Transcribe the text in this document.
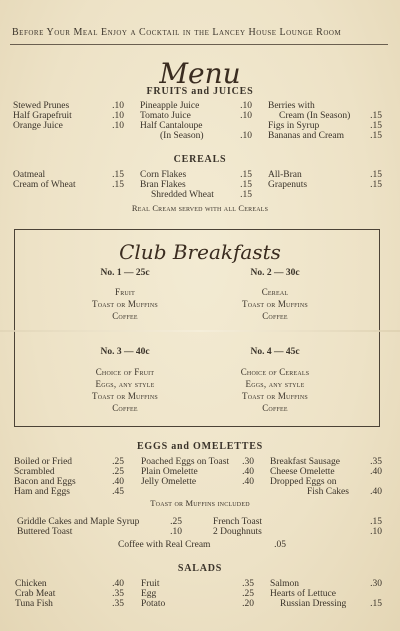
Before Your Meal Enjoy a Cocktail in the Lancey House Lounge Room
Menu
FRUITS and JUICES
Stewed Prunes	.10
Half Grapefruit	.10
Orange Juice	.10
Pineapple Juice	.10
Tomato Juice	.10
Half Cantaloupe
(In Season)	.10
Berries with
Cream (In Season)	.15
Figs in Syrup	.15
Bananas and Cream	.15
CEREALS
Oatmeal	.15
Cream of Wheat	.15
Corn Flakes	.15
Bran Flakes	.15
Shredded Wheat	.15
All-Bran	.15
Grapenuts	.15
Real Cream served with all Cereals
Club Breakfasts
No. 1 — 25c
Fruit
Toast or Muffins
Coffee
No. 2 — 30c
Cereal
Toast or Muffins
Coffee
No. 3 — 40c
Choice of Fruit
Eggs, any style
Toast or Muffins
Coffee
No. 4 — 45c
Choice of Cereals
Eggs, any style
Toast or Muffins
Coffee
EGGS and OMELETTES
Boiled or Fried	.25
Scrambled	.25
Bacon and Eggs	.40
Ham and Eggs	.45
Poached Eggs on Toast	.30
Plain Omelette	.40
Jelly Omelette	.40
Breakfast Sausage	.35
Cheese Omelette	.40
Dropped Eggs on
Fish Cakes	.40
Toast or Muffins included
Griddle Cakes and Maple Syrup	.25
Buttered Toast	.10
French Toast	.15
2 Doughnuts	.10
Coffee with Real Cream	.05
SALADS
Chicken	.40
Crab Meat	.35
Tuna Fish	.35
Fruit	.35
Egg	.25
Potato	.20
Salmon	.30
Hearts of Lettuce
Russian Dressing	.15
